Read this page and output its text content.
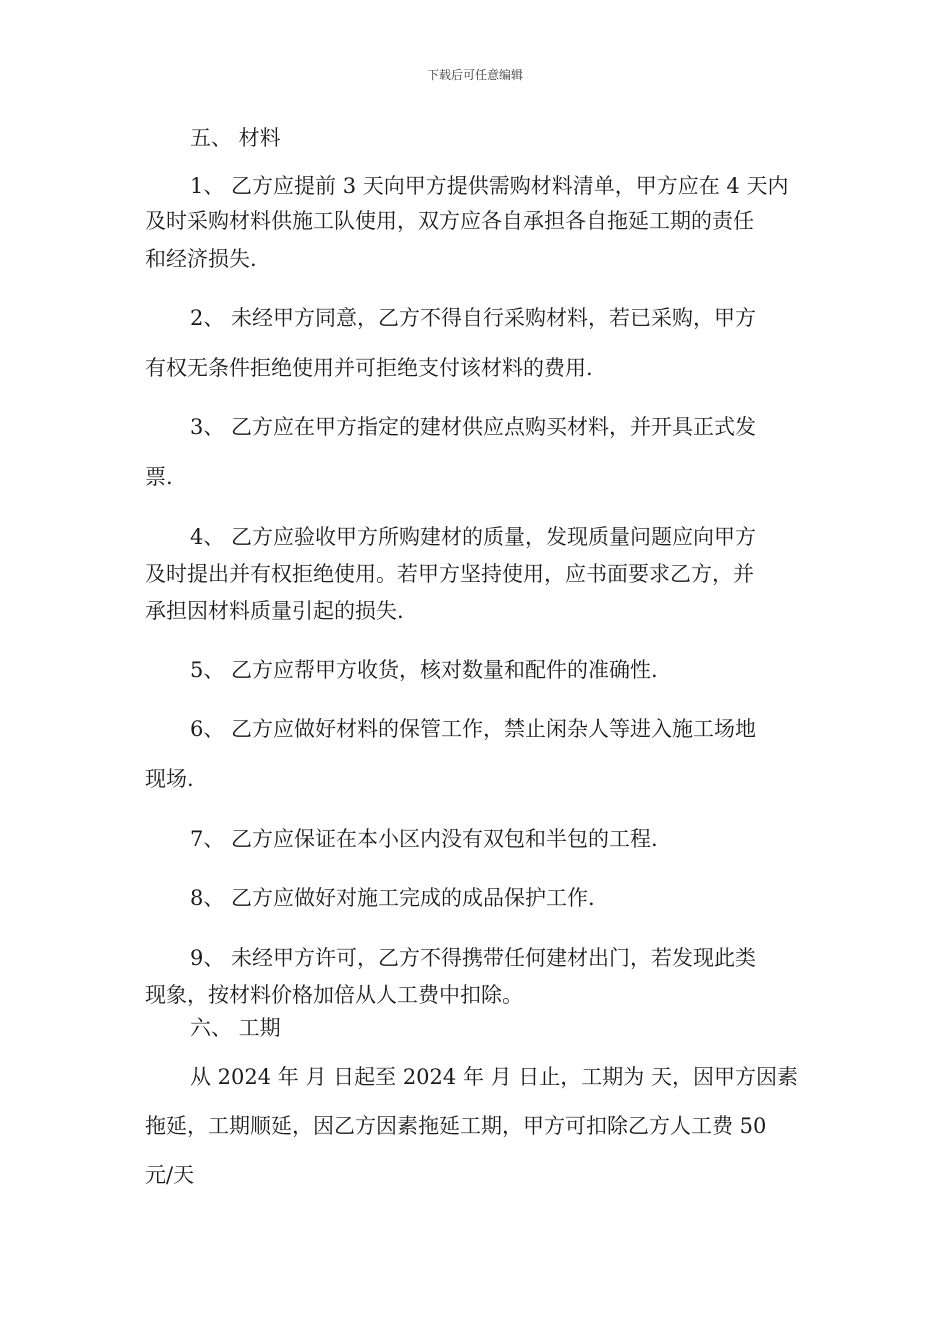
下载后可任意编辑
五、 材料
1、 乙方应提前 3 天向甲方提供需购材料清单，甲方应在 4 天内
及时采购材料供施工队使用，双方应各自承担各自拖延工期的责任
和经济损失.
2、 未经甲方同意，乙方不得自行采购材料，若已采购，甲方
有权无条件拒绝使用并可拒绝支付该材料的费用.
3、 乙方应在甲方指定的建材供应点购买材料，并开具正式发
票.
4、 乙方应验收甲方所购建材的质量，发现质量问题应向甲方
及时提出并有权拒绝使用。若甲方坚持使用，应书面要求乙方，并
承担因材料质量引起的损失.
5、 乙方应帮甲方收货，核对数量和配件的准确性.
6、 乙方应做好材料的保管工作，禁止闲杂人等进入施工场地
现场.
7、 乙方应保证在本小区内没有双包和半包的工程.
8、 乙方应做好对施工完成的成品保护工作.
9、 未经甲方许可，乙方不得携带任何建材出门，若发现此类
现象，按材料价格加倍从人工费中扣除。
六、 工期
从 2024 年 月 日起至 2024 年 月 日止，工期为 天，因甲方因素
拖延，工期顺延，因乙方因素拖延工期，甲方可扣除乙方人工费 50
元/天
